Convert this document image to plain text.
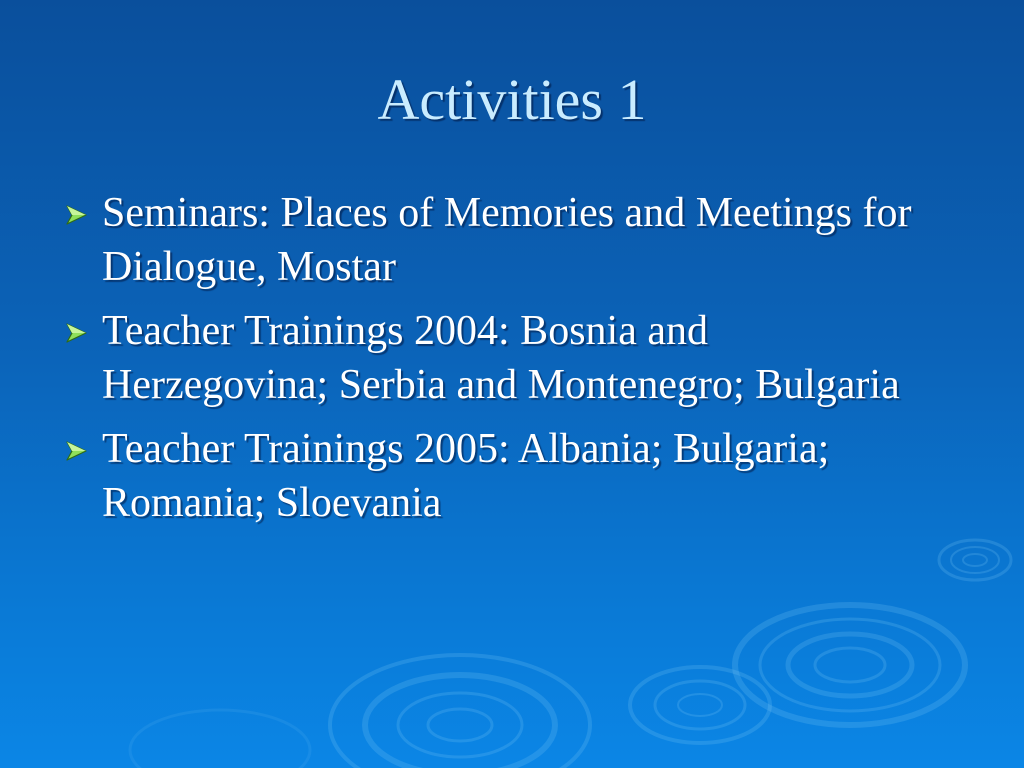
Activities 1
Seminars: Places of Memories and Meetings for Dialogue, Mostar
Teacher Trainings 2004: Bosnia and Herzegovina; Serbia and Montenegro; Bulgaria
Teacher Trainings 2005: Albania; Bulgaria; Romania; Sloevania
